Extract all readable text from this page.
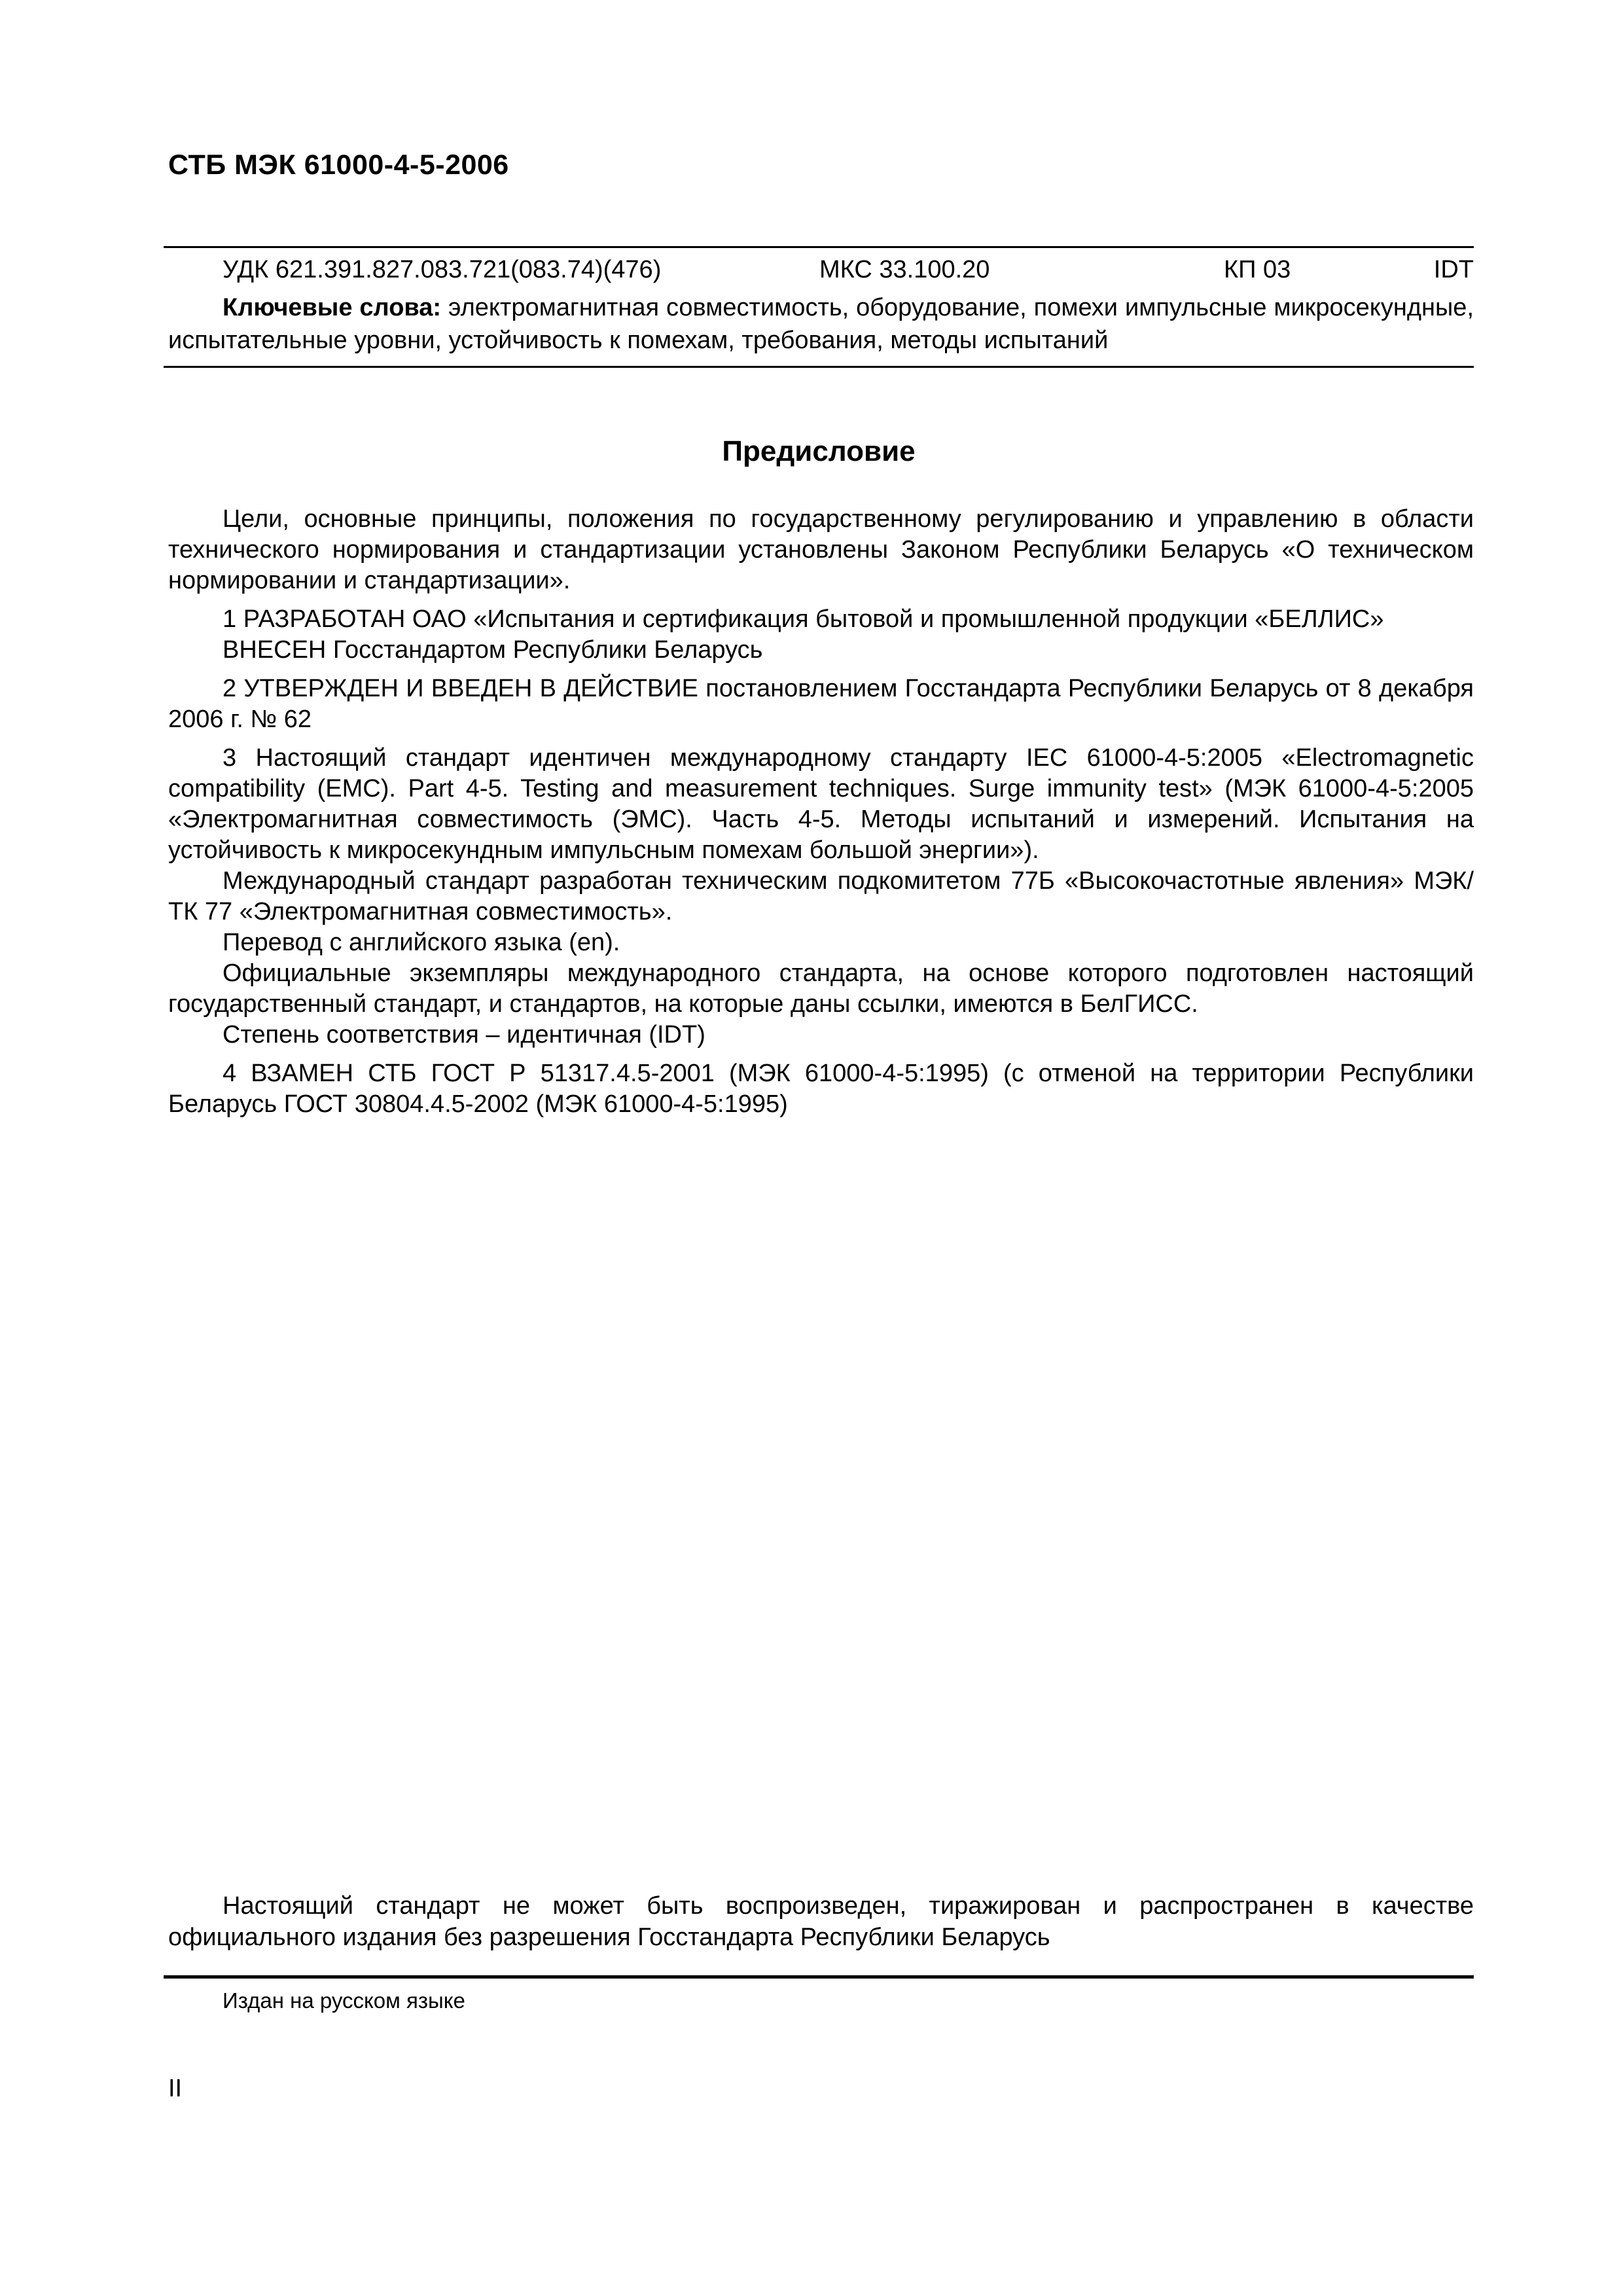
СТБ МЭК 61000-4-5-2006
УДК 621.391.827.083.721(083.74)(476)	МКС 33.100.20	КП 03	IDT
Ключевые слова: электромагнитная совместимость, оборудование, помехи импульсные микросекундные, испытательные уровни, устойчивость к помехам, требования, методы испытаний
Предисловие

Цели, основные принципы, положения по государственному регулированию и управлению в области технического нормирования и стандартизации установлены Законом Республики Беларусь «О техническом нормировании и стандартизации».

1 РАЗРАБОТАН ОАО «Испытания и сертификация бытовой и промышленной продукции «БЕЛЛИС»

ВНЕСЕН Госстандартом Республики Беларусь

2 УТВЕРЖДЕН И ВВЕДЕН В ДЕЙСТВИЕ постановлением Госстандарта Республики Беларусь от 8 декабря 2006 г. № 62

3 Настоящий стандарт идентичен международному стандарту IEC 61000-4-5:2005 «Electromagnetic compatibility (EMC). Part 4-5. Testing and measurement techniques. Surge immunity test» (МЭК 61000-4-5:2005 «Электромагнитная совместимость (ЭМС). Часть 4-5. Методы испытаний и измерений. Испытания на устойчивость к микросекундным импульсным помехам большой энергии»).

Международный стандарт разработан техническим подкомитетом 77Б «Высокочастотные явления» МЭК/ТК 77 «Электромагнитная совместимость».

Перевод с английского языка (en).

Официальные экземпляры международного стандарта, на основе которого подготовлен настоящий государственный стандарт, и стандартов, на которые даны ссылки, имеются в БелГИСС.

Степень соответствия – идентичная (IDT)

4 ВЗАМЕН СТБ ГОСТ Р 51317.4.5-2001 (МЭК 61000-4-5:1995) (с отменой на территории Республики Беларусь ГОСТ 30804.4.5-2002 (МЭК 61000-4-5:1995)

Настоящий стандарт не может быть воспроизведен, тиражирован и распространен в качестве официального издания без разрешения Госстандарта Республики Беларусь
Издан на русском языке
II
